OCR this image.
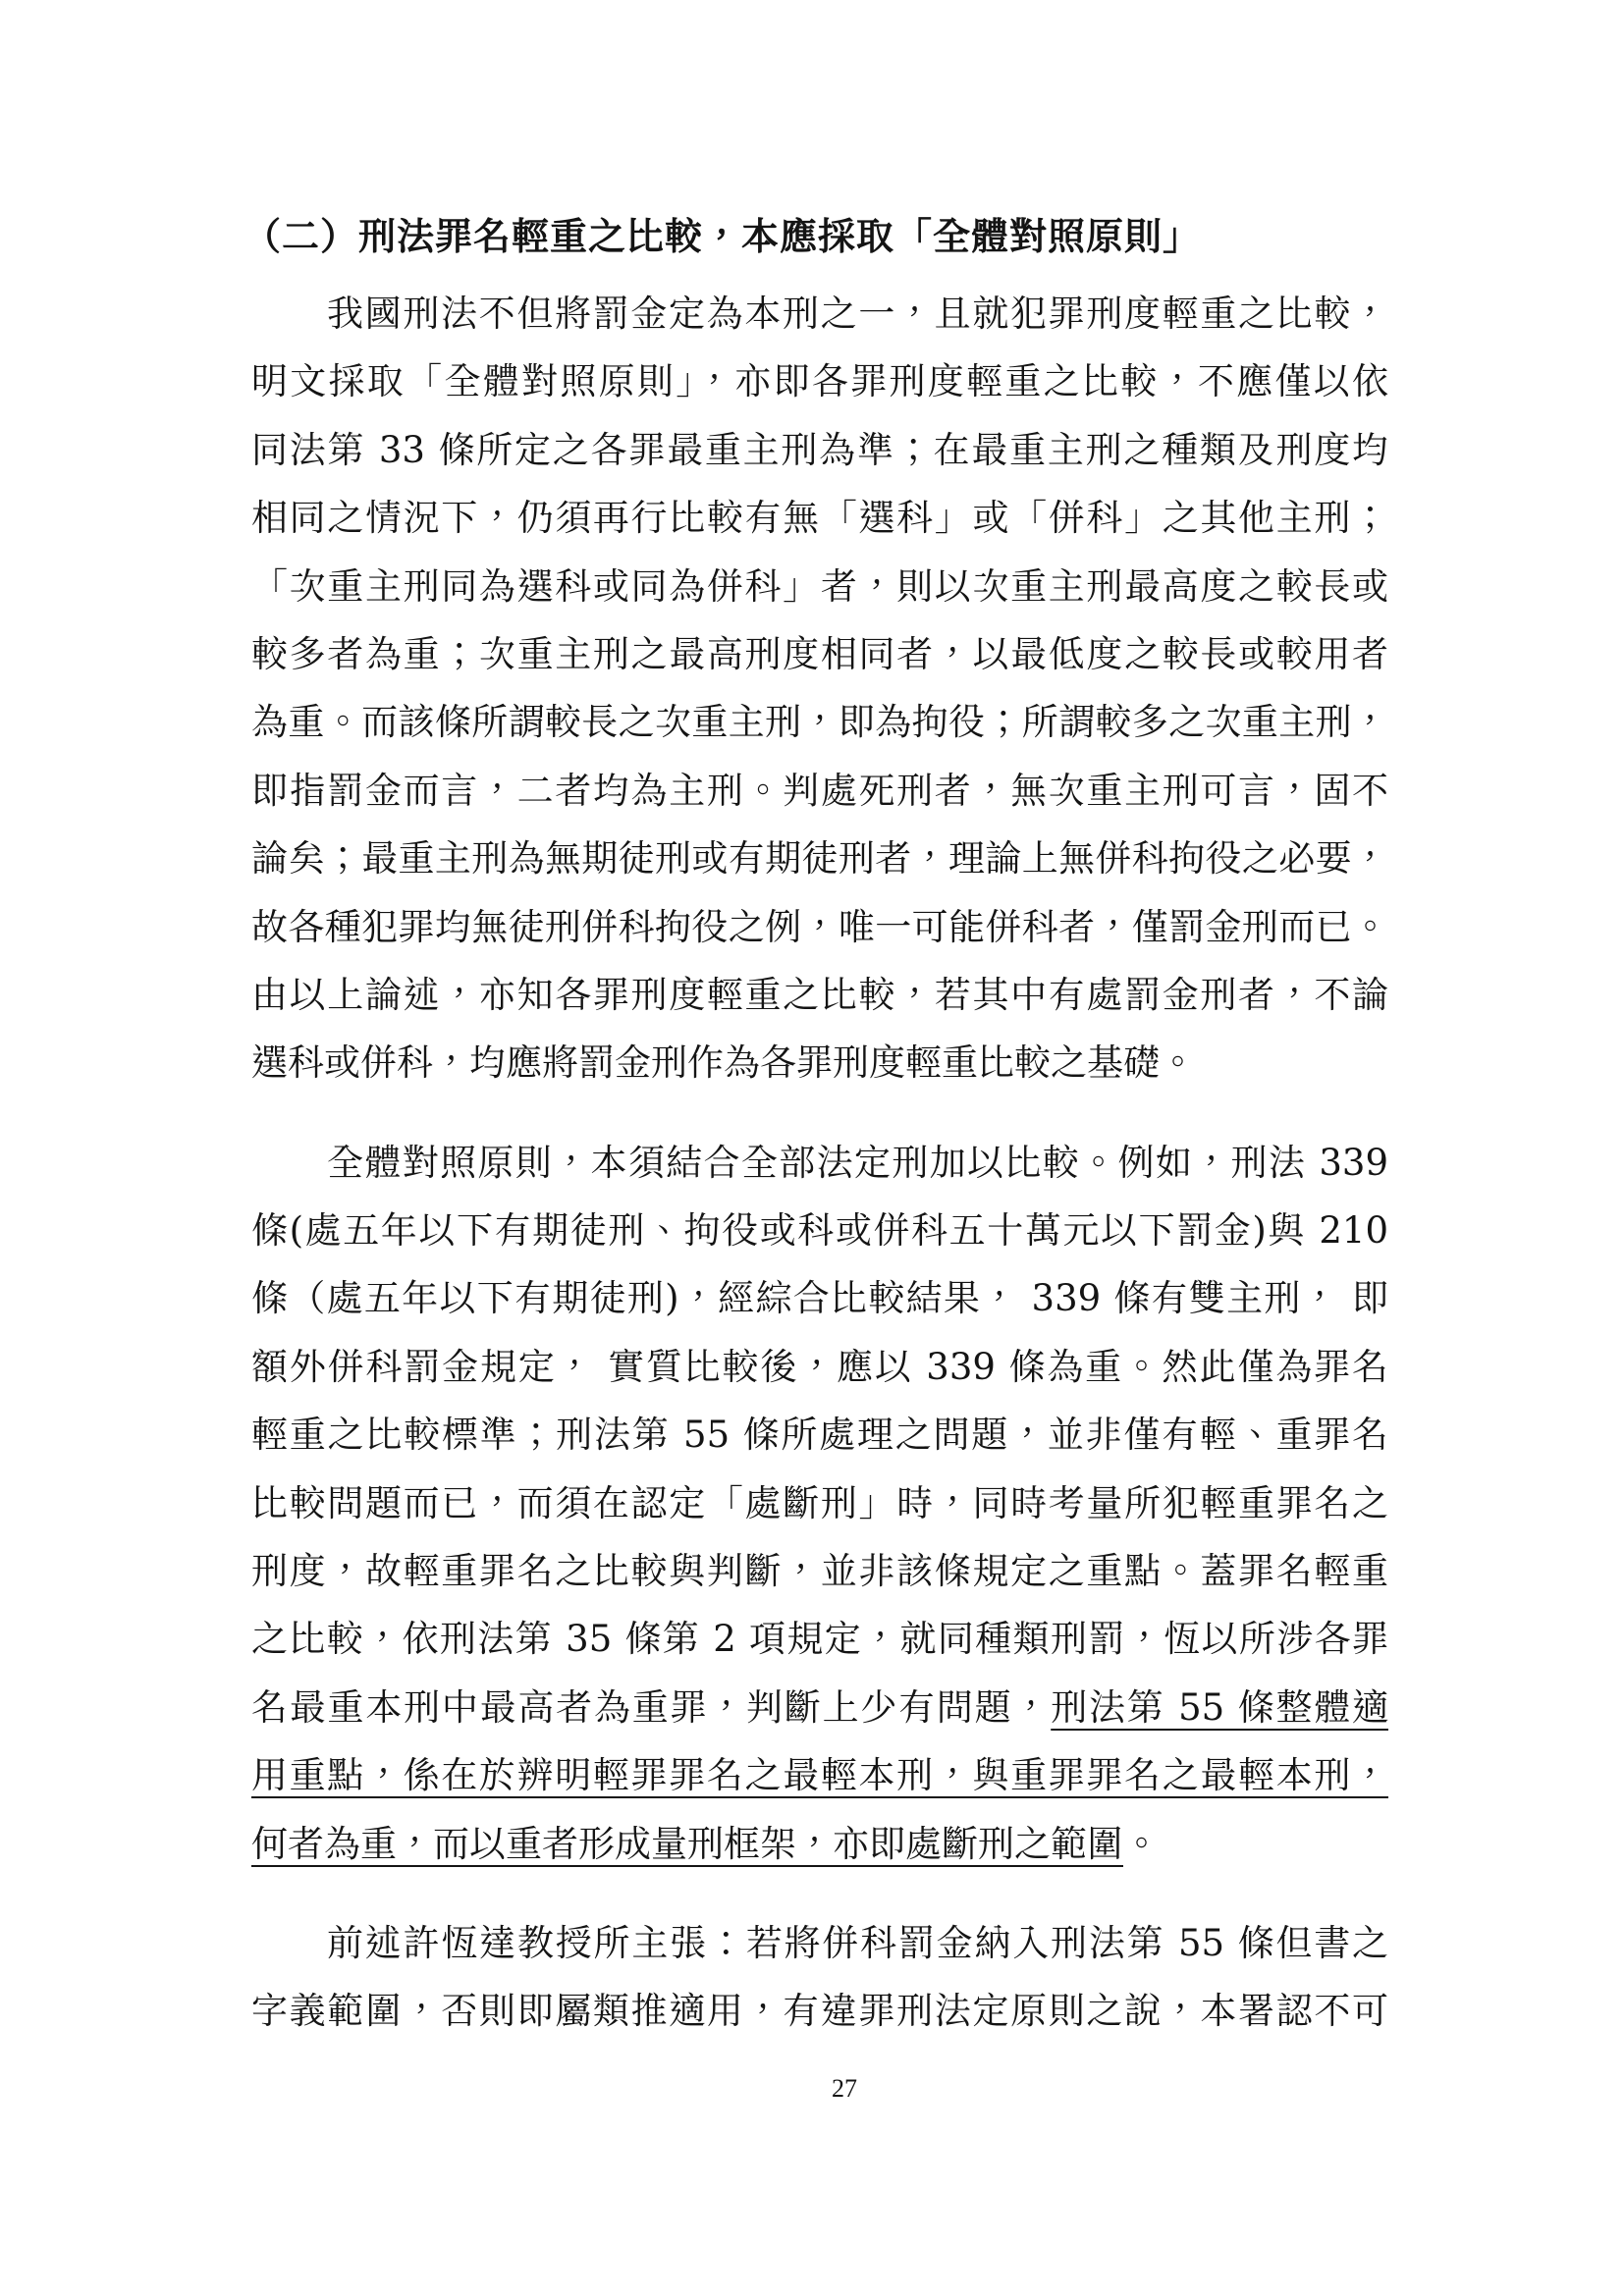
（二）刑法罪名輕重之比較，本應採取「全體對照原則」
我國刑法不但將罰金定為本刑之一，且就犯罪刑度輕重之比較，
明文採取「全體對照原則」，亦即各罪刑度輕重之比較，不應僅以依
同法第 33 條所定之各罪最重主刑為準；在最重主刑之種類及刑度均
相同之情況下，仍須再行比較有無「選科」或「併科」之其他主刑；
「次重主刑同為選科或同為併科」者，則以次重主刑最高度之較長或
較多者為重；次重主刑之最高刑度相同者，以最低度之較長或較用者
為重。而該條所謂較長之次重主刑，即為拘役；所謂較多之次重主刑，
即指罰金而言，二者均為主刑。判處死刑者，無次重主刑可言，固不
論矣；最重主刑為無期徒刑或有期徒刑者，理論上無併科拘役之必要，
故各種犯罪均無徒刑併科拘役之例，唯一可能併科者，僅罰金刑而已。
由以上論述，亦知各罪刑度輕重之比較，若其中有處罰金刑者，不論
選科或併科，均應將罰金刑作為各罪刑度輕重比較之基礎。
全體對照原則，本須結合全部法定刑加以比較。例如，刑法 339
條(處五年以下有期徒刑、拘役或科或併科五十萬元以下罰金)與 210
條（處五年以下有期徒刑)，經綜合比較結果， 339 條有雙主刑， 即
額外併科罰金規定， 實質比較後，應以 339 條為重。然此僅為罪名
輕重之比較標準；刑法第 55 條所處理之問題，並非僅有輕、重罪名
比較問題而已，而須在認定「處斷刑」時，同時考量所犯輕重罪名之
刑度，故輕重罪名之比較與判斷，並非該條規定之重點。蓋罪名輕重
之比較，依刑法第 35 條第 2 項規定，就同種類刑罰，恆以所涉各罪
名最重本刑中最高者為重罪，判斷上少有問題，刑法第 55 條整體適
用重點，係在於辨明輕罪罪名之最輕本刑，與重罪罪名之最輕本刑，
何者為重，而以重者形成量刑框架，亦即處斷刑之範圍。
前述許恆達教授所主張：若將併科罰金納入刑法第 55 條但書之
字義範圍，否則即屬類推適用，有違罪刑法定原則之說，本署認不可
27
